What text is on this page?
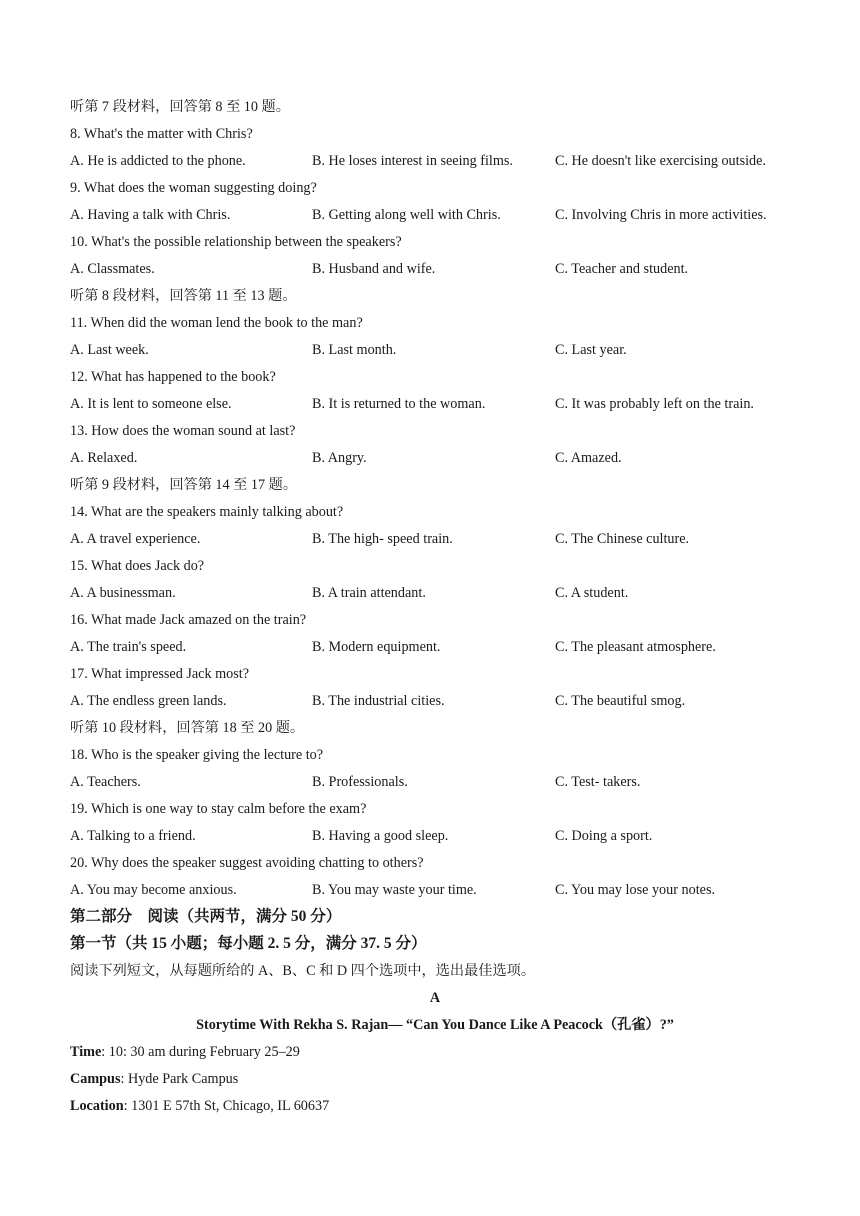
听第 7 段材料，回答第 8 至 10 题。
8. What's the matter with Chris?
A. He is addicted to the phone.	B. He loses interest in seeing films.	C. He doesn't like exercising outside.
9. What does the woman suggesting doing?
A. Having a talk with Chris.	B. Getting along well with Chris.	C. Involving Chris in more activities.
10. What's the possible relationship between the speakers?
A. Classmates.	B. Husband and wife.	C. Teacher and student.
听第 8 段材料，回答第 11 至 13 题。
11. When did the woman lend the book to the man?
A. Last week.	B. Last month.	C. Last year.
12. What has happened to the book?
A. It is lent to someone else.	B. It is returned to the woman.	C. It was probably left on the train.
13. How does the woman sound at last?
A. Relaxed.	B. Angry.	C. Amazed.
听第 9 段材料，回答第 14 至 17 题。
14. What are the speakers mainly talking about?
A. A travel experience.	B. The high- speed train.	C. The Chinese culture.
15. What does Jack do?
A. A businessman.	B. A train attendant.	C. A student.
16. What made Jack amazed on the train?
A. The train's speed.	B. Modern equipment.	C. The pleasant atmosphere.
17. What impressed Jack most?
A. The endless green lands.	B. The industrial cities.	C. The beautiful smog.
听第 10 段材料，回答第 18 至 20 题。
18. Who is the speaker giving the lecture to?
A. Teachers.	B. Professionals.	C. Test- takers.
19. Which is one way to stay calm before the exam?
A. Talking to a friend.	B. Having a good sleep.	C. Doing a sport.
20. Why does the speaker suggest avoiding chatting to others?
A. You may become anxious.	B. You may waste your time.	C. You may lose your notes.
第二部分    阅读（共两节，满分 50 分）
第一节（共 15 小题；每小题 2. 5 分，满分 37. 5 分）
阅读下列短文，从每题所给的 A、B、C 和 D 四个选项中，选出最佳选项。
A
Storytime With Rekha S. Rajan— “Can You Dance Like A Peacock（孔雀）?”
Time: 10: 30 am during February 25–29
Campus: Hyde Park Campus
Location: 1301 E 57th St, Chicago, IL 60637
